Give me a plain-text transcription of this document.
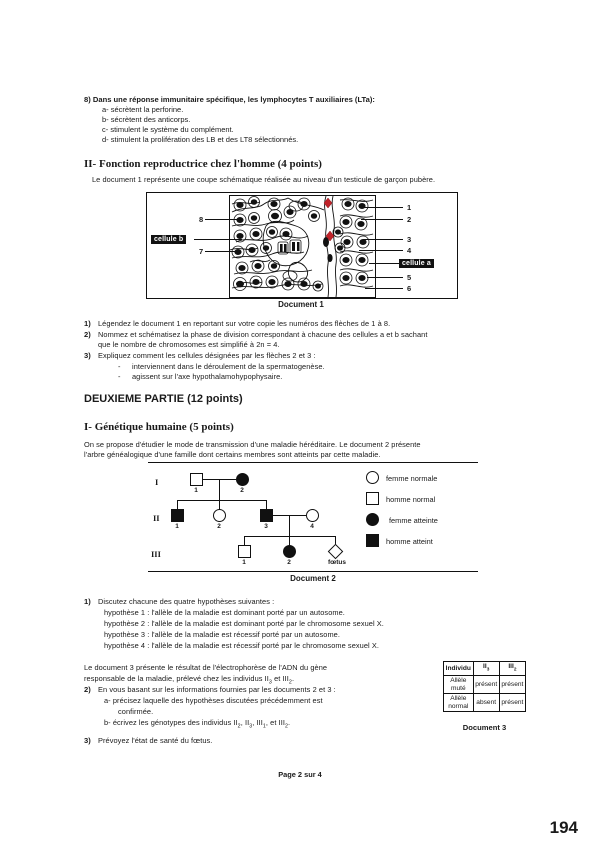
8) Dans une réponse immunitaire spécifique, les lymphocytes T auxiliaires (LTa):
a- sécrètent la perforine.
b- sécrètent des anticorps.
c- stimulent le système du complément.
d- stimulent la prolifération des LB et des LT8 sélectionnés.
II- Fonction reproductrice chez l'homme (4 points)
Le document 1 représente une coupe schématique réalisée au niveau d'un testicule de garçon pubère.
8
cellule b
7
1
2
3
4
cellule a
5
6
Document 1
1) Légendez le document 1 en reportant sur votre copie les numéros des flèches de 1 à 8.
2) Nommez et schématisez la phase de division correspondant à chacune des cellules a et b sachant
que le nombre de chromosomes est simplifié à 2n = 4.
3) Expliquez comment les cellules désignées par les flèches 2 et 3 :
- interviennent dans le déroulement de la spermatogenèse.
- agissent sur l'axe hypothalamohypophysaire.
DEUXIEME PARTIE (12 points)
I- Génétique humaine (5 points)
On se propose d'étudier le mode de transmission d'une maladie héréditaire. Le document 2 présente
l'arbre généalogique d'une famille dont certains membres sont atteints par cette maladie.
I
II
III
1	2
1	2	3	4
1	2	fœtus
femme normale
homme normal
femme atteinte
homme atteint
Document 2
1) Discutez chacune des quatre hypothèses suivantes :
hypothèse 1 : l'allèle de la maladie est dominant porté par un autosome.
hypothèse 2 : l'allèle de la maladie est dominant porté par le chromosome sexuel X.
hypothèse 3 : l'allèle de la maladie est récessif porté par un autosome.
hypothèse 4 : l'allèle de la maladie est récessif porté par le chromosome sexuel X.
Le document 3 présente le résultat de l'électrophorèse de l'ADN du gène
responsable de la maladie, prélevé chez les individus $II_3$ et $III_2$.
2) En vous basant sur les informations fournies par les documents 2 et 3 :
a- précisez laquelle des hypothèses discutées précédemment est
confirmée.
b- écrivez les génotypes des individus $II_2$, $II_3$, $III_1$, et $III_2$.
3) Prévoyez l'état de santé du fœtus.
Individu	$II_3$	$III_2$
Allèle
muté	présent	présent
Allèle
normal	absent	présent
Document 3
Page 2 sur 4
194
